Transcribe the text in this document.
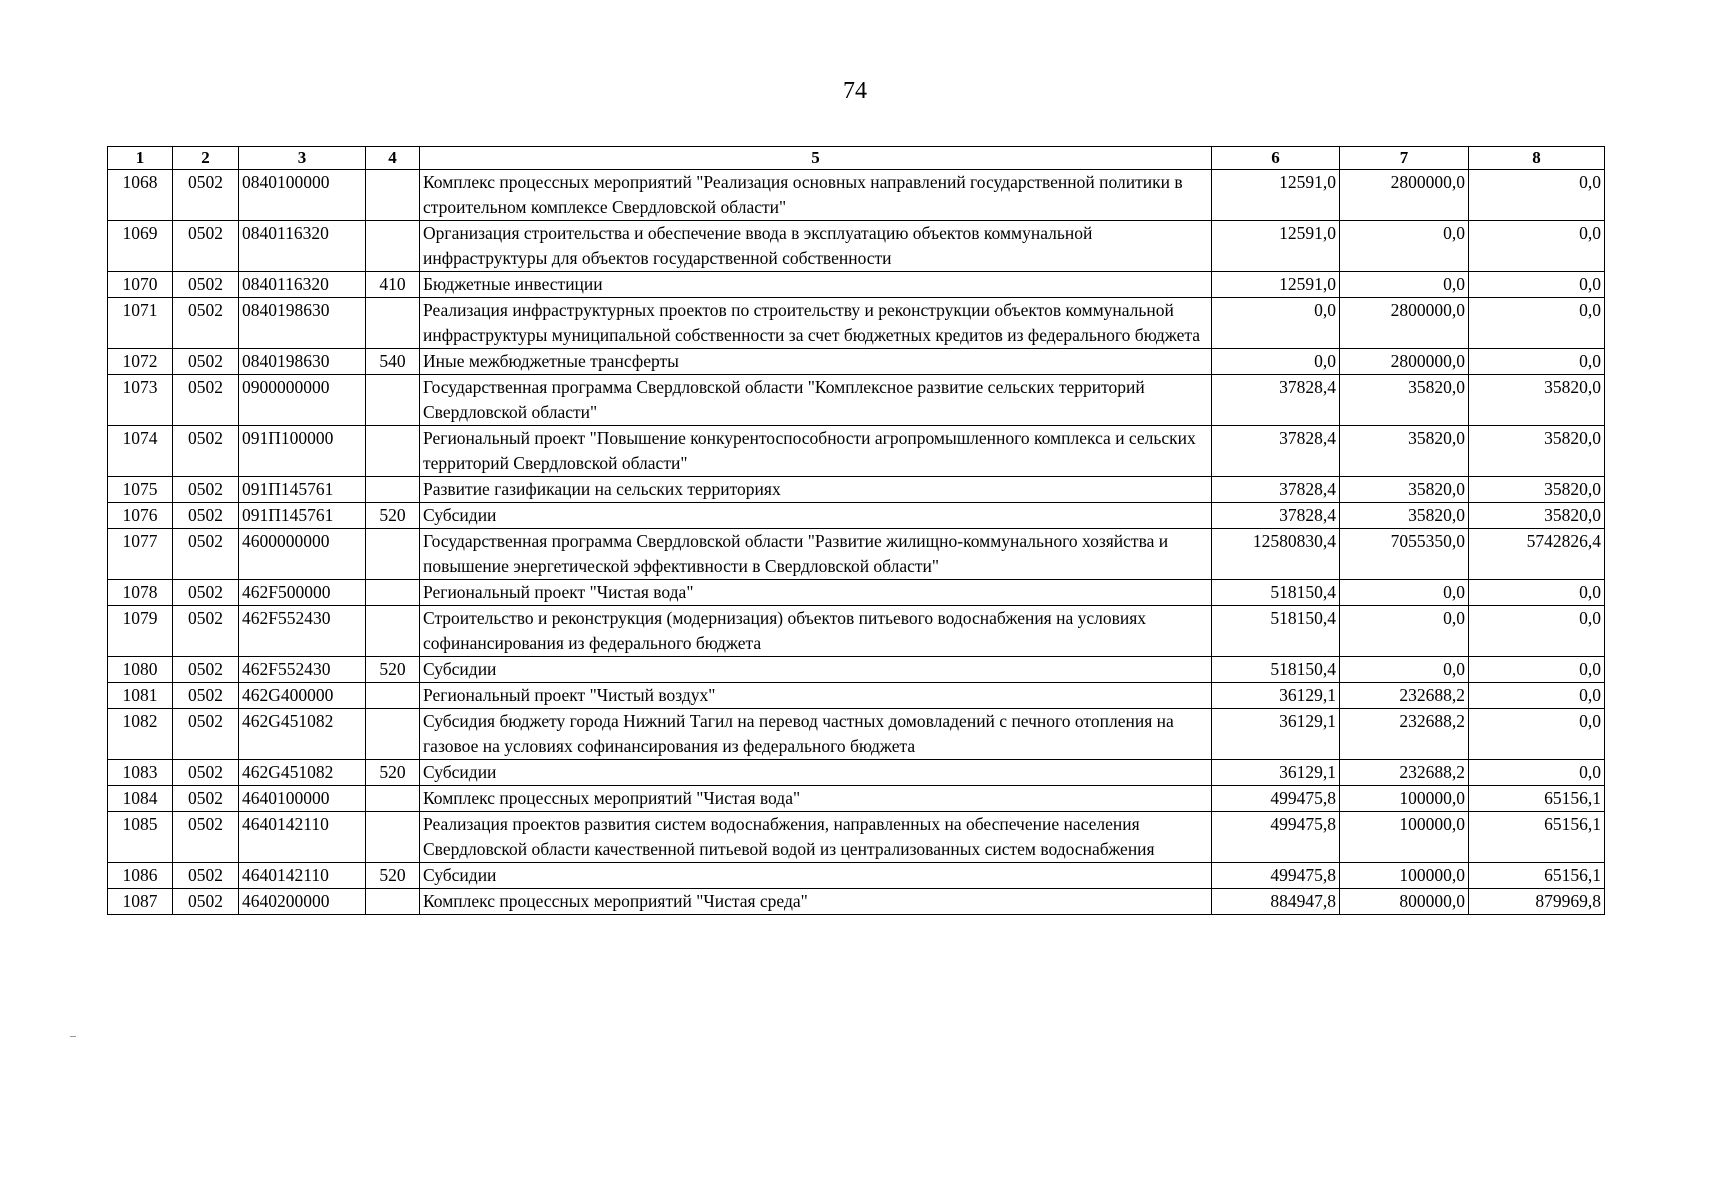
74
1	2	3	4	5	6	7	8
1068	0502	0840100000		Комплекс процессных мероприятий "Реализация основных направлений государственной политики в строительном комплексе Свердловской области"	12591,0	2800000,0	0,0
1069	0502	0840116320		Организация строительства и обеспечение ввода в эксплуатацию объектов коммунальной инфраструктуры для объектов государственной собственности	12591,0	0,0	0,0
1070	0502	0840116320	410	Бюджетные инвестиции	12591,0	0,0	0,0
1071	0502	0840198630		Реализация инфраструктурных проектов по строительству и реконструкции объектов коммунальной инфраструктуры муниципальной собственности за счет бюджетных кредитов из федерального бюджета	0,0	2800000,0	0,0
1072	0502	0840198630	540	Иные межбюджетные трансферты	0,0	2800000,0	0,0
1073	0502	0900000000		Государственная программа Свердловской области "Комплексное развитие сельских территорий Свердловской области"	37828,4	35820,0	35820,0
1074	0502	091П100000		Региональный проект "Повышение конкурентоспособности агропромышленного комплекса и сельских территорий Свердловской области"	37828,4	35820,0	35820,0
1075	0502	091П145761		Развитие газификации на сельских территориях	37828,4	35820,0	35820,0
1076	0502	091П145761	520	Субсидии	37828,4	35820,0	35820,0
1077	0502	4600000000		Государственная программа Свердловской области "Развитие жилищно-коммунального хозяйства и повышение энергетической эффективности в Свердловской области"	12580830,4	7055350,0	5742826,4
1078	0502	462F500000		Региональный проект "Чистая вода"	518150,4	0,0	0,0
1079	0502	462F552430		Строительство и реконструкция (модернизация) объектов питьевого водоснабжения на условиях софинансирования из федерального бюджета	518150,4	0,0	0,0
1080	0502	462F552430	520	Субсидии	518150,4	0,0	0,0
1081	0502	462G400000		Региональный проект "Чистый воздух"	36129,1	232688,2	0,0
1082	0502	462G451082		Субсидия бюджету города Нижний Тагил на перевод частных домовладений с печного отопления на газовое на условиях софинансирования из федерального бюджета	36129,1	232688,2	0,0
1083	0502	462G451082	520	Субсидии	36129,1	232688,2	0,0
1084	0502	4640100000		Комплекс процессных мероприятий "Чистая вода"	499475,8	100000,0	65156,1
1085	0502	4640142110		Реализация проектов развития систем водоснабжения, направленных на обеспечение населения Свердловской области качественной питьевой водой из централизованных систем водоснабжения	499475,8	100000,0	65156,1
1086	0502	4640142110	520	Субсидии	499475,8	100000,0	65156,1
1087	0502	4640200000		Комплекс процессных мероприятий "Чистая среда"	884947,8	800000,0	879969,8
